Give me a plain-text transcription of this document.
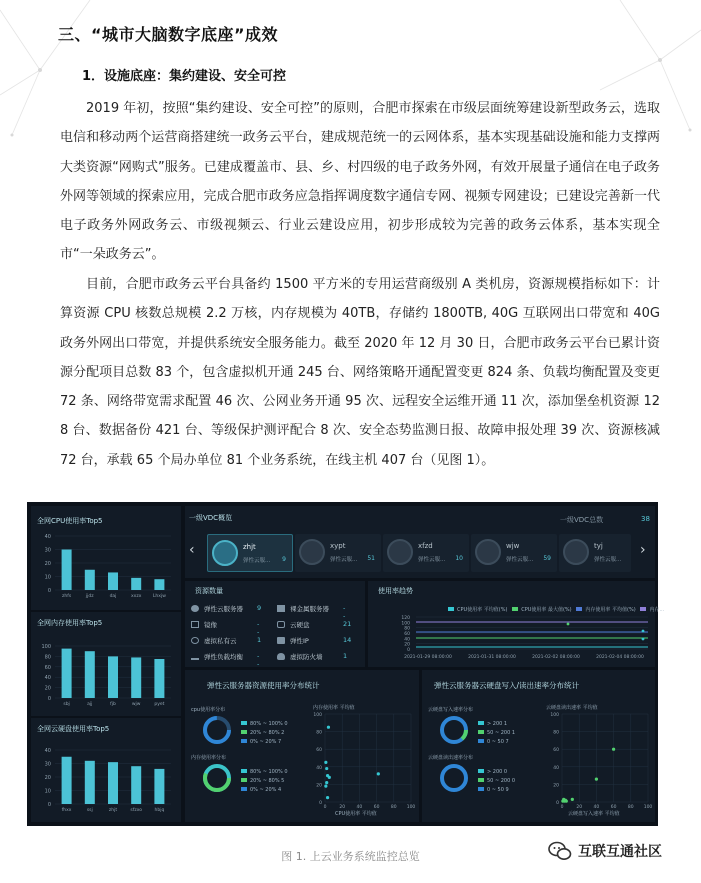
三、“城市大脑数字底座”成效
1．设施底座：集约建设、安全可控

2019 年初，按照“集约建设、安全可控”的原则，合肥市探索在市级层面统筹建设新型政务云，选取电信和移动两个运营商搭建统一政务云平台，建成规范统一的云网体系，基本实现基础设施和能力支撑两大类资源“网购式”服务。已建成覆盖市、县、乡、村四级的电子政务外网，有效开展量子通信在电子政务外网等领域的探索应用，完成合肥市政务应急指挥调度数字通信专网、视频专网建设；已建设完善新一代电子政务外网政务云、市级视频云、行业云建设应用，初步形成较为完善的政务云体系，基本实现全市“一朵政务云”。

目前，合肥市政务云平台具备约 1500 平方米的专用运营商级别 A 类机房，资源规模指标如下：计算资源 CPU 核数总规模 2.2 万核，内存规模为 40TB，存储约 1800TB, 40G 互联网出口带宽和 40G 政务外网出口带宽，并提供系统安全服务能力。截至 2020 年 12 月 30 日，合肥市政务云平台已累计资源分配项目总数 83 个，包含虚拟机开通 245 台、网络策略开通配置变更 824 条、负载均衡配置及变更 72 条、网络带宽需求配置 46 次、公网业务开通 95 次、远程安全运维开通 11 次，添加堡垒机资源 128 台、数据备份 421 台、等级保护测评配合 8 次、安全态势监测日报、故障申报处理 39 次、资源核减 72 台，承载 65 个局办单位 81 个业务系统，在线主机 407 台（见图 1）。

全网CPU使用率Top5
0
10
20
30
40
zhfs	jjdz	daj	xxzx	Lhxjw
全网内存使用率Top5
0
20
40
60
80
100
sbj	ajj	fjb	wjw	pyet
全网云硬盘使用率Top5
0
10
20
30
40
fhxx	ssj	zhjt	sfzxo	hbjq
一级VDC概览	一级VDC总数	38
‹	›
zhjt
弹性云服... 9
xypt
弹性云服... 51
xfzd
弹性云服... 10
wjw
弹性云服... 59
tyj
弹性云服...
资源数量
弹性云服务器 9	裸金属服务器 --
镜像	--
云硬盘	21
虚拟私有云	1	弹性IP	14
弹性负载均衡 --
虚拟防火墙	1
使用率趋势
CPU使用率 平均值(%)	CPU使用率 最大值(%)	内存使用率 平均值(%)	内存...
120
100
80
60
40
20
0
2021-01-29 08:00:00	2021-01-31 08:00:00	2021-02-02 08:00:00	2021-02-04 08:00:00
弹性云服务器资源使用率分布统计
cpu使用率分布
内存使用率分布
80% ~ 100% 0
20% ~ 80% 2
0% ~ 20% 7
80% ~ 100% 0
20% ~ 80% 5
0% ~ 20% 4
内存使用率 平均值
CPU使用率 平均值
100
80
60
40
20
0
0	20	40	60	80 100
弹性云服务器云硬盘写入/读出速率分布统计
云硬盘写入速率分布
云硬盘读出速率分布
> 200 1
50 ~ 200 1
0 ~ 50 7
> 200 0
50 ~ 200 0
0 ~ 50 9
云硬盘读出速率 平均值
云硬盘写入速率 平均值
100
80
60
40
20
0
0	20	40	60	80 100
图 1. 上云业务系统监控总览	互联互通社区
